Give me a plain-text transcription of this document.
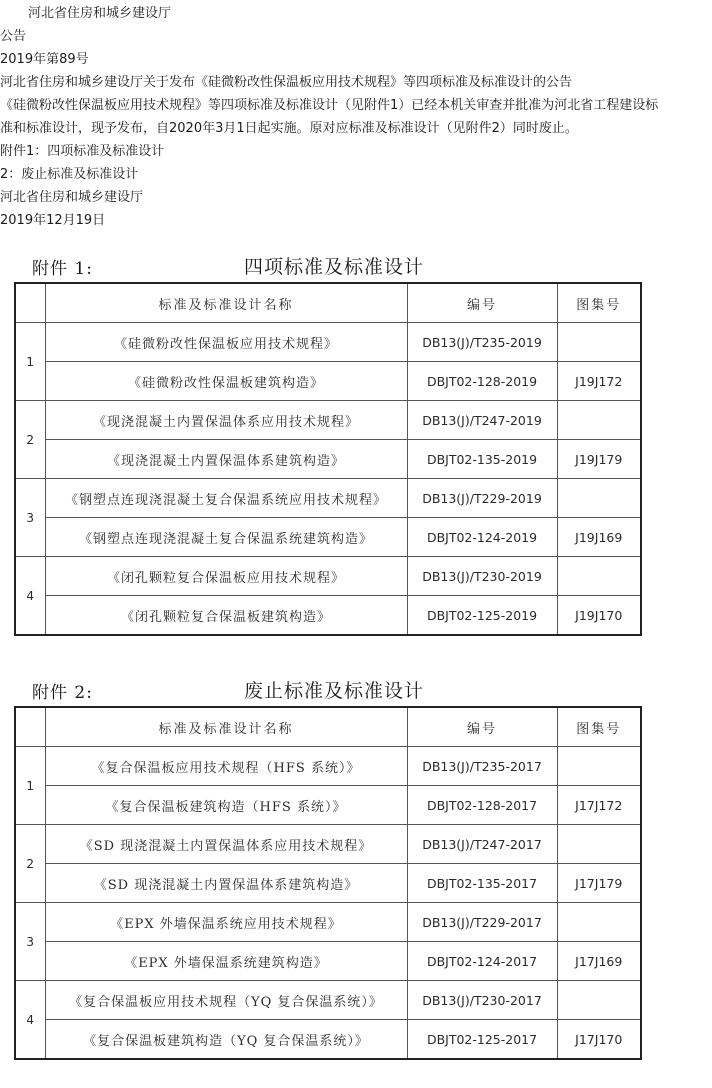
河北省住房和城乡建设厅
公告
2019年第89号
河北省住房和城乡建设厅关于发布《硅微粉改性保温板应用技术规程》等四项标准及标准设计的公告
《硅微粉改性保温板应用技术规程》等四项标准及标准设计（见附件1）已经本机关审查并批准为河北省工程建设标
准和标准设计，现予发布，自2020年3月1日起实施。原对应标准及标准设计（见附件2）同时废止。
附件1：四项标准及标准设计
2：废止标准及标准设计
河北省住房和城乡建设厅
2019年12月19日
附件 1:	四项标准及标准设计
	标准及标准设计名称	编号	图集号
1	《硅微粉改性保温板应用技术规程》	DB13(J)/T235-2019	
	《硅微粉改性保温板建筑构造》	DBJT02-128-2019	J19J172
2	《现浇混凝土内置保温体系应用技术规程》	DB13(J)/T247-2019	
	《现浇混凝土内置保温体系建筑构造》	DBJT02-135-2019	J19J179
3	《钢塑点连现浇混凝土复合保温系统应用技术规程》	DB13(J)/T229-2019	
	《钢塑点连现浇混凝土复合保温系统建筑构造》	DBJT02-124-2019	J19J169
4	《闭孔颗粒复合保温板应用技术规程》	DB13(J)/T230-2019	
	《闭孔颗粒复合保温板建筑构造》	DBJT02-125-2019	J19J170
附件 2:	废止标准及标准设计
	标准及标准设计名称	编号	图集号
1	《复合保温板应用技术规程（HFS 系统）》	DB13(J)/T235-2017	
	《复合保温板建筑构造（HFS 系统）》	DBJT02-128-2017	J17J172
2	《SD 现浇混凝土内置保温体系应用技术规程》	DB13(J)/T247-2017	
	《SD 现浇混凝土内置保温体系建筑构造》	DBJT02-135-2017	J17J179
3	《EPX 外墙保温系统应用技术规程》	DB13(J)/T229-2017	
	《EPX 外墙保温系统建筑构造》	DBJT02-124-2017	J17J169
4	《复合保温板应用技术规程（YQ 复合保温系统）》	DB13(J)/T230-2017	
	《复合保温板建筑构造（YQ 复合保温系统）》	DBJT02-125-2017	J17J170
